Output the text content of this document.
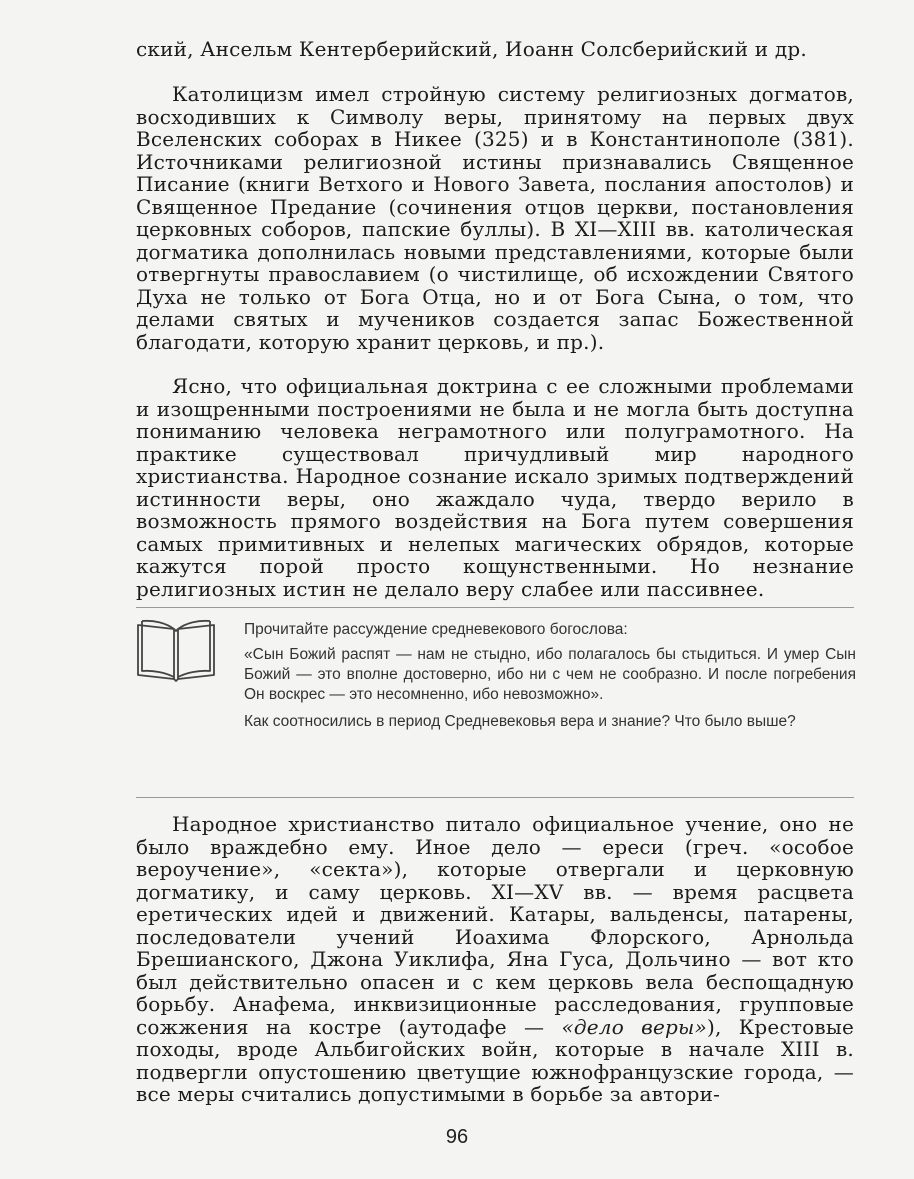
ский, Ансельм Кентерберийский, Иоанн Солсберийский и др.

Католицизм имел стройную систему религиозных догматов, восходивших к Символу веры, принятому на первых двух Вселенских соборах в Никее (325) и в Константинополе (381). Источниками религиозной истины признавались Священное Писание (книги Ветхого и Нового Завета, послания апостолов) и Священное Предание (сочинения отцов церкви, постановления церковных соборов, папские буллы). В XI—XIII вв. католическая догматика дополнилась новыми представлениями, которые были отвергнуты православием (о чистилище, об исхождении Святого Духа не только от Бога Отца, но и от Бога Сына, о том, что делами святых и мучеников создается запас Божественной благодати, которую хранит церковь, и пр.).

Ясно, что официальная доктрина с ее сложными проблемами и изощренными построениями не была и не могла быть доступна пониманию человека неграмотного или полуграмотного. На практике существовал причудливый мир народного христианства. Народное сознание искало зримых подтверждений истинности веры, оно жаждало чуда, твердо верило в возможность прямого воздействия на Бога путем совершения самых примитивных и нелепых магических обрядов, которые кажутся порой просто кощунственными. Но незнание религиозных истин не делало веру слабее или пассивнее.

Прочитайте рассуждение средневекового богослова:

«Сын Божий распят — нам не стыдно, ибо полагалось бы стыдиться. И умер Сын Божий — это вполне достоверно, ибо ни с чем не сообразно. И после погребения Он воскрес — это несомненно, ибо невозможно».

Как соотносились в период Средневековья вера и знание? Что было выше?

Народное христианство питало официальное учение, оно не было враждебно ему. Иное дело — ереси (греч. «особое вероучение», «секта»), которые отвергали и церковную догматику, и саму церковь. XI—XV вв. — время расцвета еретических идей и движений. Катары, вальденсы, патарены, последователи учений Иоахима Флорского, Арнольда Брешианского, Джона Уиклифа, Яна Гуса, Дольчино — вот кто был действительно опасен и с кем церковь вела беспощадную борьбу. Анафема, инквизиционные расследования, групповые сожжения на костре (аутодафе — «дело веры»), Крестовые походы, вроде Альбигойских войн, которые в начале XIII в. подвергли опустошению цветущие южнофранцузские города, — все меры считались допустимыми в борьбе за автори-

96
